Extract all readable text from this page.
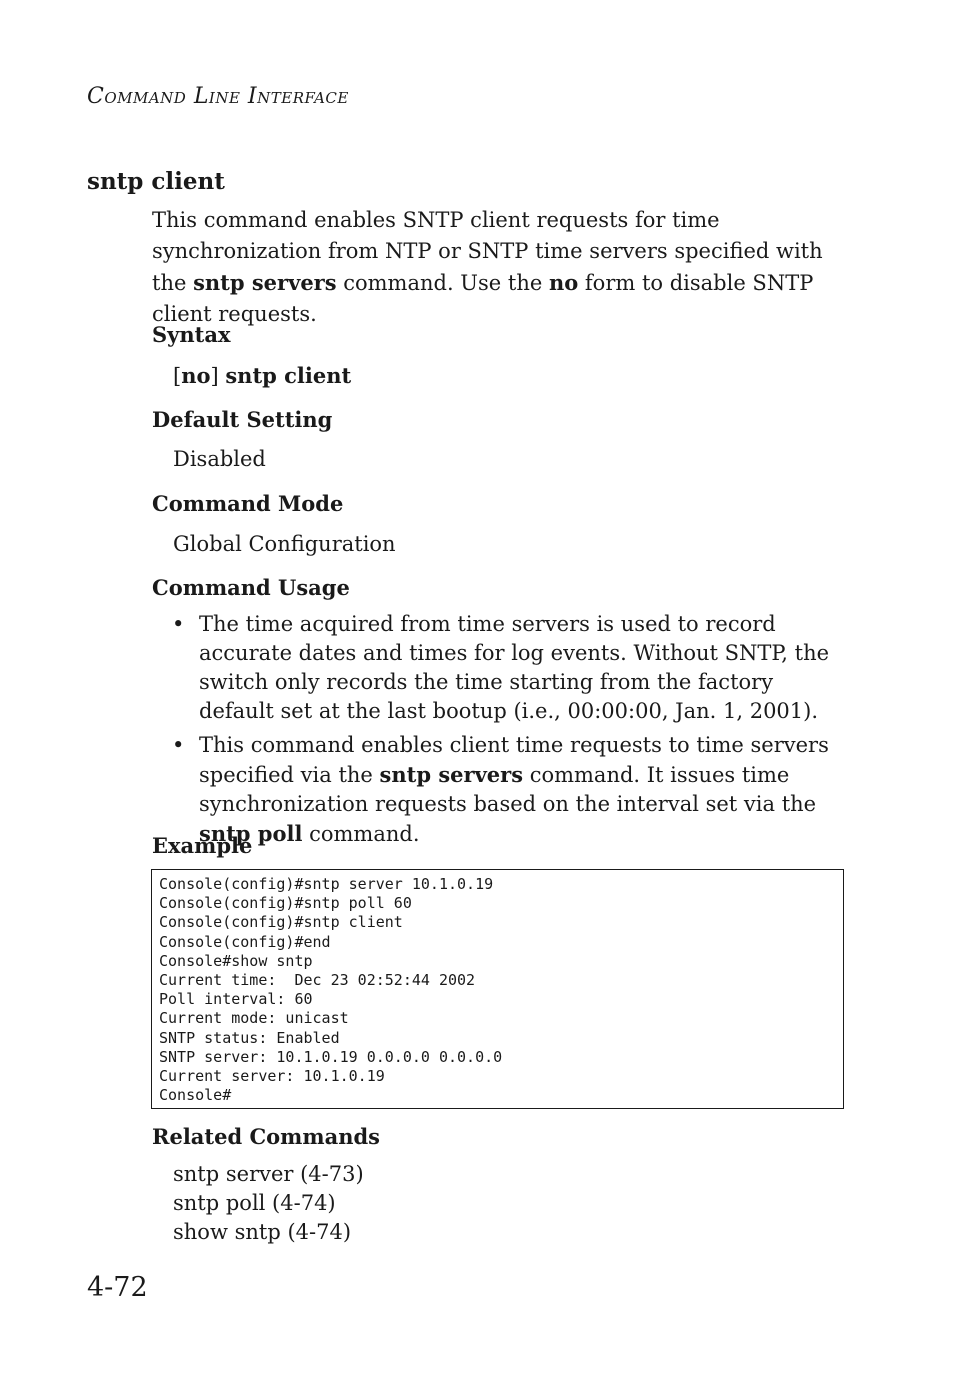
Command Line Interface
sntp client
This command enables SNTP client requests for time synchronization from NTP or SNTP time servers specified with the sntp servers command. Use the no form to disable SNTP client requests.
Syntax
[no] sntp client
Default Setting
Disabled
Command Mode
Global Configuration
Command Usage
• The time acquired from time servers is used to record accurate dates and times for log events. Without SNTP, the switch only records the time starting from the factory default set at the last bootup (i.e., 00:00:00, Jan. 1, 2001).
• This command enables client time requests to time servers specified via the sntp servers command. It issues time synchronization requests based on the interval set via the sntp poll command.
Example
Console(config)#sntp server 10.1.0.19
Console(config)#sntp poll 60
Console(config)#sntp client
Console(config)#end
Console#show sntp
Current time:  Dec 23 02:52:44 2002
Poll interval: 60
Current mode: unicast
SNTP status: Enabled
SNTP server: 10.1.0.19 0.0.0.0 0.0.0.0
Current server: 10.1.0.19
Console#
Related Commands
sntp server (4-73)
sntp poll (4-74)
show sntp (4-74)
4-72
